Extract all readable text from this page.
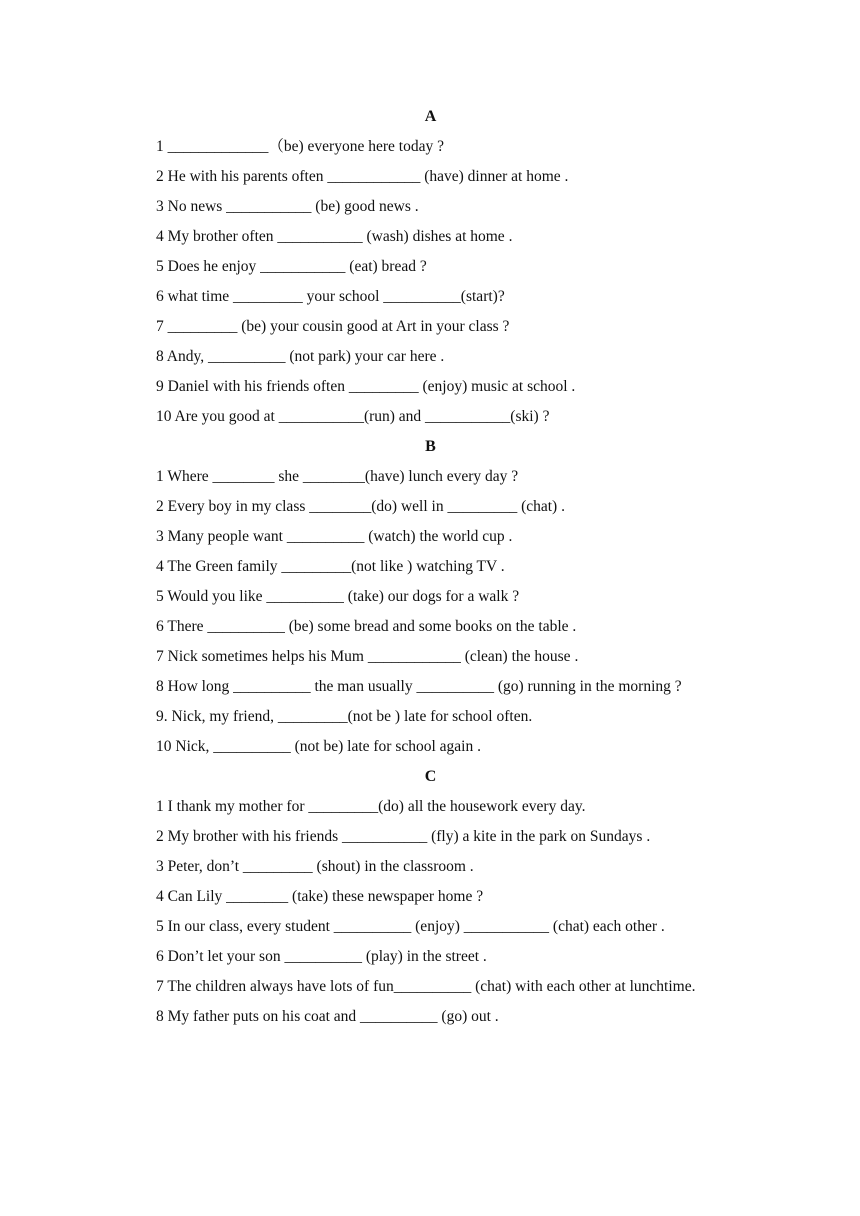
A
1 _____________（be) everyone here today ?
2 He with his parents often ____________ (have) dinner at home .
3 No news ___________ (be) good news .
4 My brother often ___________ (wash) dishes at home .
5 Does he enjoy ___________ (eat) bread ?
6 what time _________ your school __________(start)?
7 _________ (be) your cousin good at Art in your class ?
8 Andy, __________ (not park) your car here .
9 Daniel with his friends often _________ (enjoy) music at school .
10 Are you good at ___________(run) and ___________(ski) ?
B
1 Where ________ she ________(have) lunch every day ?
2 Every boy in my class ________(do) well in _________ (chat) .
3 Many people want __________ (watch) the world cup .
4 The Green family _________(not like ) watching TV .
5 Would you like __________ (take) our dogs for a walk ?
6 There __________ (be) some bread and some books on the table .
7 Nick sometimes helps his Mum ____________ (clean) the house .
8 How long __________ the man usually __________ (go) running in the morning ?
9. Nick, my friend, _________(not be ) late for school often.
10 Nick, __________ (not be) late for school again .
C
1 I thank my mother for _________(do) all the housework every day.
2 My brother with his friends ___________ (fly) a kite in the park on Sundays .
3 Peter, don’t _________ (shout) in the classroom .
4 Can Lily ________ (take) these newspaper home ?
5 In our class, every student __________ (enjoy) ___________ (chat) each other .
6 Don’t let your son __________ (play) in the street .
7 The children always have lots of fun__________ (chat) with each other at lunchtime.
8 My father puts on his coat and __________ (go) out .
